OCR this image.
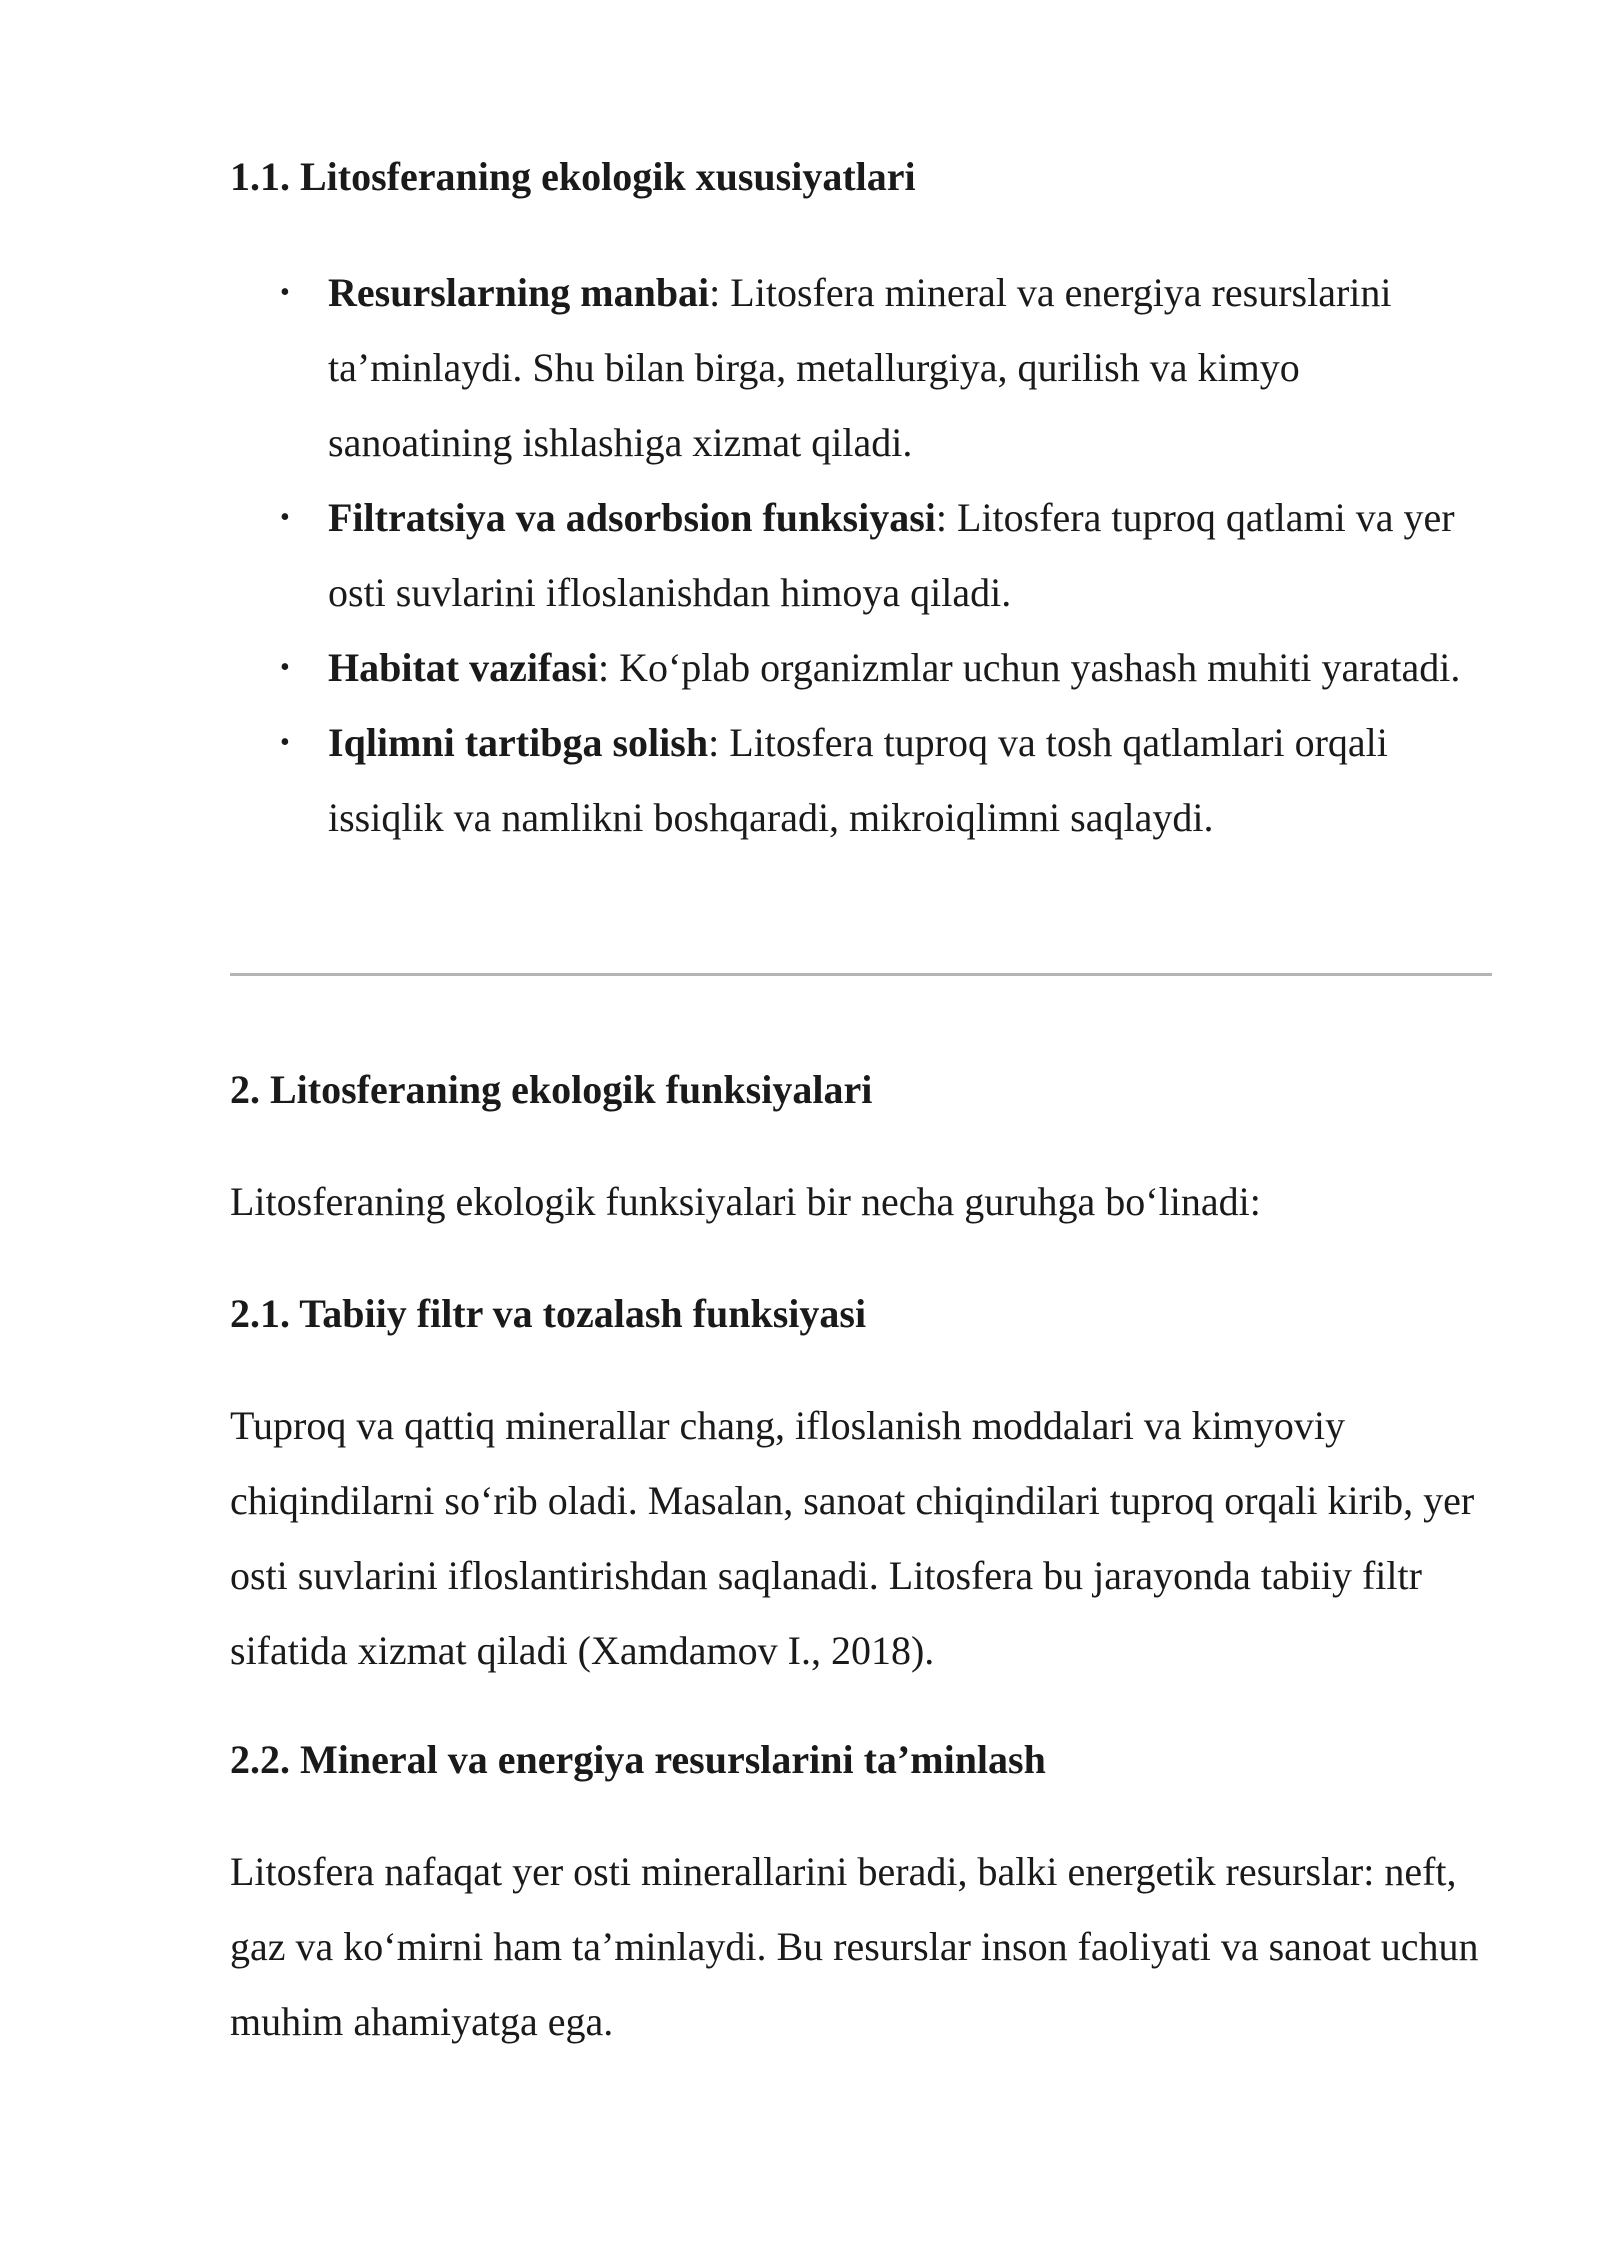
1.1. Litosferaning ekologik xususiyatlari
• Resurslarning manbai: Litosfera mineral va energiya resurslarini ta’minlaydi. Shu bilan birga, metallurgiya, qurilish va kimyo sanoatining ishlashiga xizmat qiladi.
• Filtratsiya va adsorbsion funksiyasi: Litosfera tuproq qatlami va yer osti suvlarini ifloslanishdan himoya qiladi.
• Habitat vazifasi: Ko‘plab organizmlar uchun yashash muhiti yaratadi.
• Iqlimni tartibga solish: Litosfera tuproq va tosh qatlamlari orqali issiqlik va namlikni boshqaradi, mikroiqlimni saqlaydi.
2. Litosferaning ekologik funksiyalari

Litosferaning ekologik funksiyalari bir necha guruhga bo‘linadi:

2.1. Tabiiy filtr va tozalash funksiyasi

Tuproq va qattiq minerallar chang, ifloslanish moddalari va kimyoviy chiqindilarni so‘rib oladi. Masalan, sanoat chiqindilari tuproq orqali kirib, yer osti suvlarini ifloslantirishdan saqlanadi. Litosfera bu jarayonda tabiiy filtr sifatida xizmat qiladi (Xamdamov I., 2018).

2.2. Mineral va energiya resurslarini ta’minlash

Litosfera nafaqat yer osti minerallarini beradi, balki energetik resurslar: neft, gaz va ko‘mirni ham ta’minlaydi. Bu resurslar inson faoliyati va sanoat uchun muhim ahamiyatga ega.
